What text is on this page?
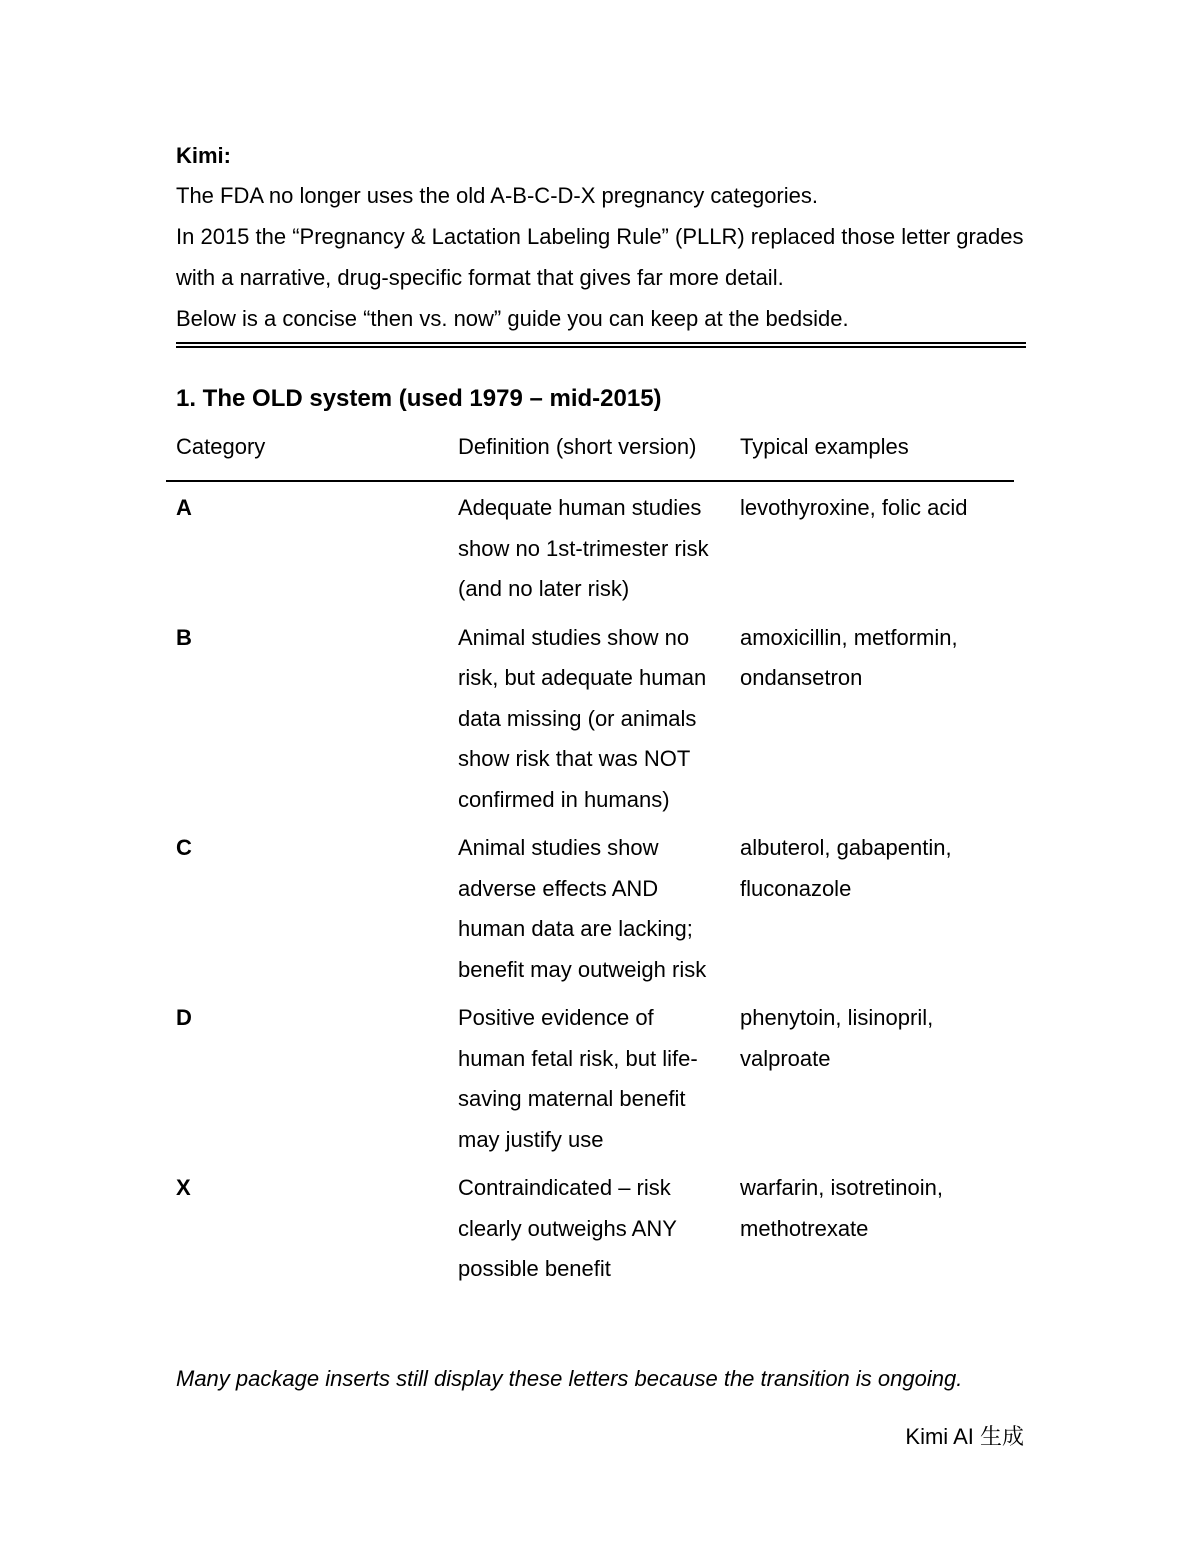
Kimi:

The FDA no longer uses the old A-B-C-D-X pregnancy categories.

In 2015 the “Pregnancy & Lactation Labeling Rule” (PLLR) replaced those letter grades with a narrative, drug-specific format that gives far more detail.

Below is a concise “then vs. now” guide you can keep at the bedside.

1. The OLD system (used 1979 – mid-2015)
Category	Definition (short version)	Typical examples
A	Adequate human studies show no 1st-trimester risk (and no later risk)	levothyroxine, folic acid
B	Animal studies show no risk, but adequate human data missing (or animals show risk that was NOT confirmed in humans)	amoxicillin, metformin, ondansetron
C	Animal studies show adverse effects AND human data are lacking; benefit may outweigh risk	albuterol, gabapentin, fluconazole
D	Positive evidence of human fetal risk, but life-saving maternal benefit may justify use	phenytoin, lisinopril, valproate
X	Contraindicated – risk clearly outweighs ANY possible benefit	warfarin, isotretinoin, methotrexate

Many package inserts still display these letters because the transition is ongoing.

Kimi AI 生成
